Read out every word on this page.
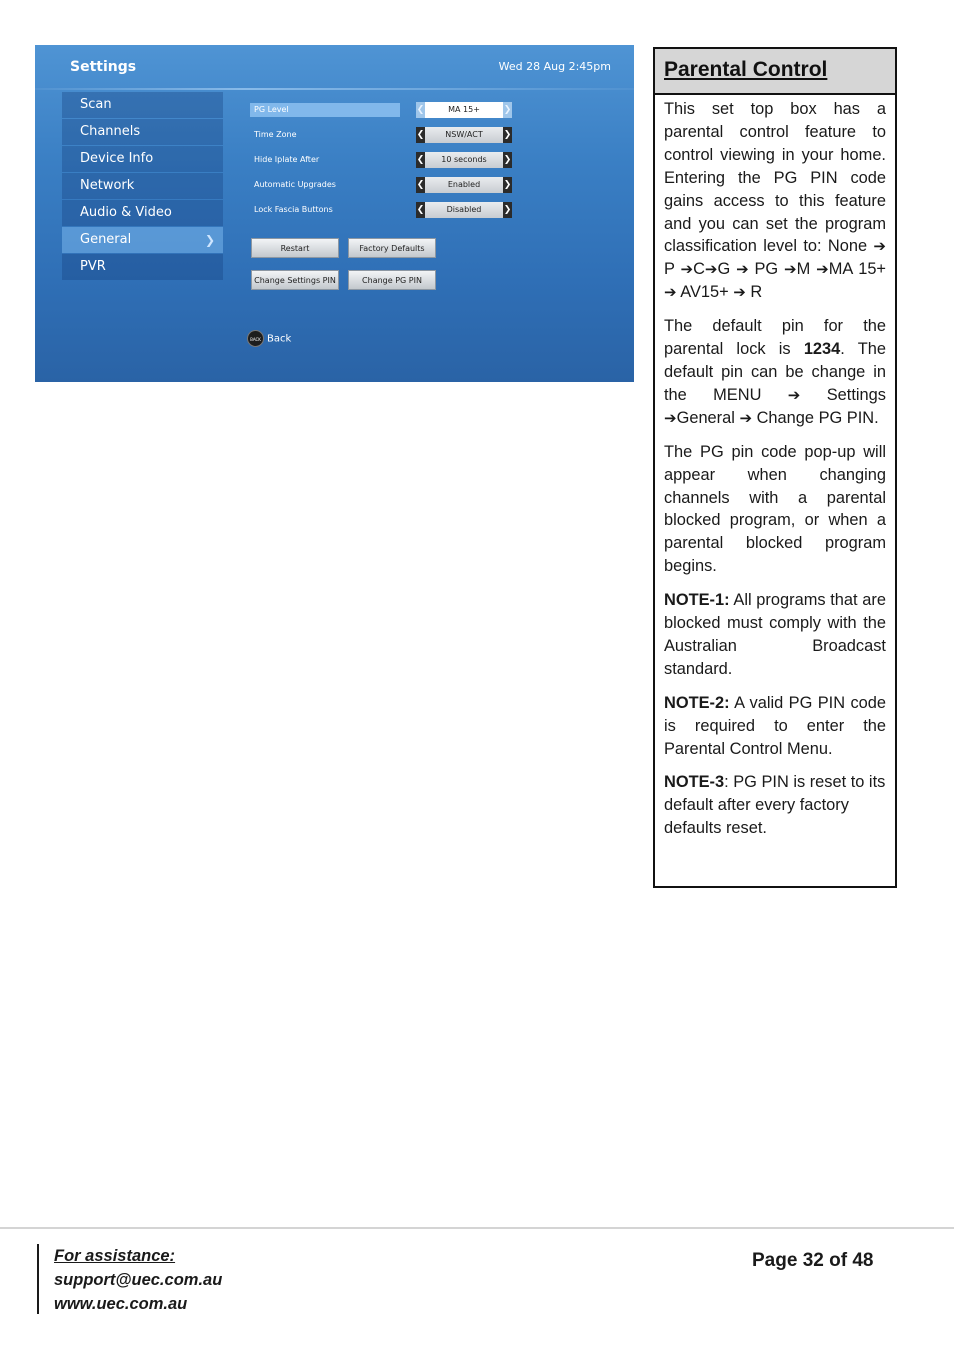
Settings	Wed 28 Aug 2:45pm
Scan
Channels
Device Info
Network
Audio & Video
General	❯
PVR
PG Level	❮	MA 15+	❯
Time Zone	❮	NSW/ACT	❯
Hide Iplate After	❮	10 seconds	❯
Automatic Upgrades	❮	Enabled	❯
Lock Fascia Buttons	❮	Disabled	❯
Restart	Factory Defaults
Change Settings PIN	Change PG PIN
BACK Back
Parental Control

This set top box has a parental control feature to control viewing in your home. Entering the PG PIN code gains access to this feature and you can set the program classification level to: None ➔ P ➔C➔G ➔ PG ➔M ➔MA 15+ ➔ AV15+ ➔ R

The default pin for the parental lock is 1234. The default pin can be change in the MENU ➔ Settings ➔General ➔ Change PG PIN.

The PG pin code pop-up will appear when changing channels with a parental blocked program, or when a parental blocked program begins.

NOTE-1: All programs that are blocked must comply with the Australian Broadcast standard.

NOTE-2: A valid PG PIN code is required to enter the Parental Control Menu.

NOTE-3: PG PIN is reset to its default after every factory defaults reset.

For assistance:
support@uec.com.au
www.uec.com.au
Page 32 of 48
